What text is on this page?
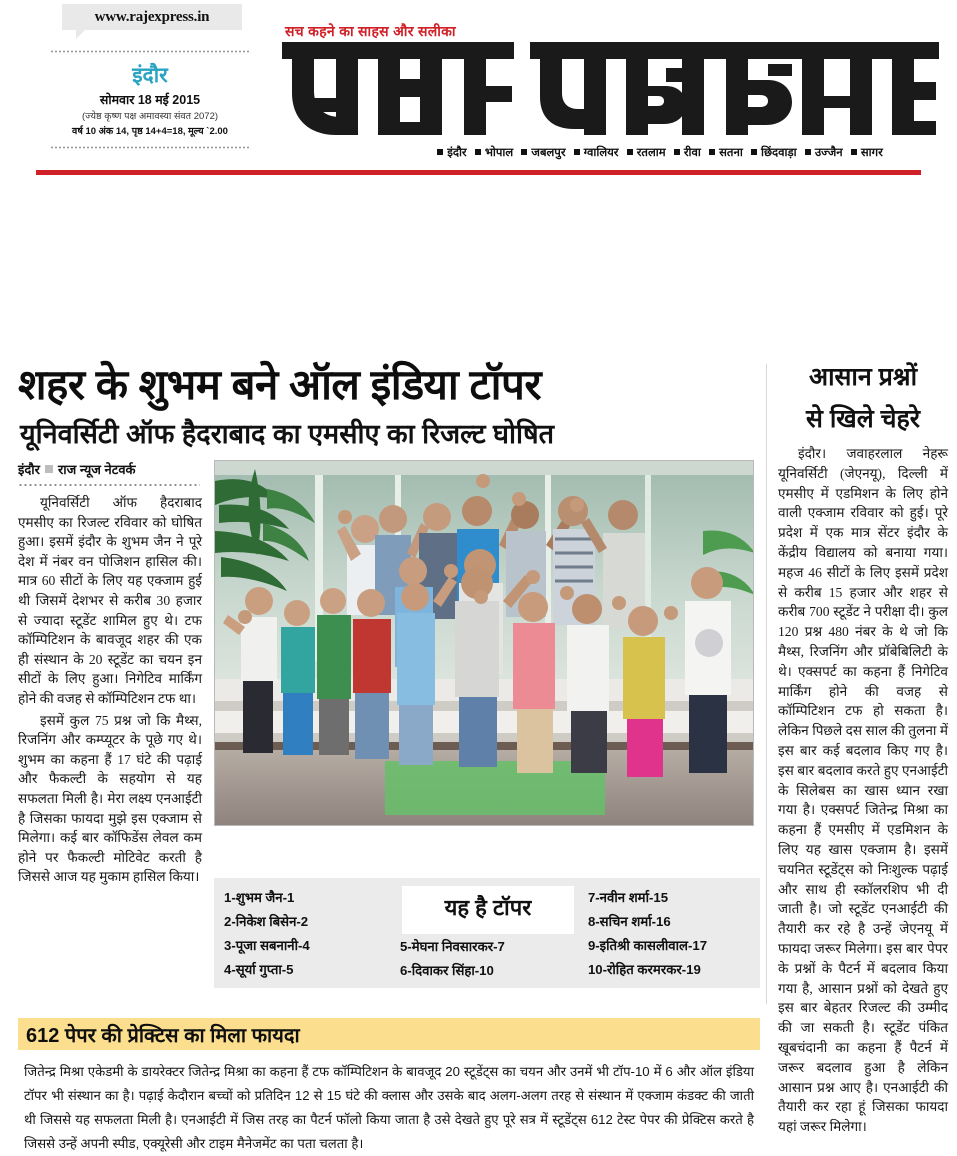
www.rajexpress.in
इंदौर
सोमवार 18 मई 2015
(ज्येष्ठ कृष्ण पक्ष अमावस्या संवत 2072)
वर्ष 10 अंक 14, पृष्ठ 14+4=18, मूल्य `2.00
सच कहने का साहस और सलीका
इंदौर भोपाल जबलपुर ग्वालियर रतलाम रीवा सतना छिंदवाड़ा उज्जैन सागर
शहर के शुभम बने ऑल इंडिया टॉपर
यूनिवर्सिटी ऑफ हैदराबाद का एमसीए का रिजल्ट घोषित
इंदौर राज न्यूज नेटवर्क

यूनिवर्सिटी ऑफ हैदराबाद एमसीए का रिजल्ट रविवार को घोषित हुआ। इसमें इंदौर के शुभम जैन ने पूरे देश में नंबर वन पोजिशन हासिल की। मात्र 60 सीटों के लिए यह एक्जाम हुई थी जिसमें देशभर से करीब 30 हजार से ज्यादा स्टूडेंट शामिल हुए थे। टफ कॉम्पिटिशन के बावजूद शहर की एक ही संस्थान के 20 स्टूडेंट का चयन इन सीटों के लिए हुआ। निगेटिव मार्किंग होने की वजह से कॉम्पिटिशन टफ था।

इसमें कुल 75 प्रश्न जो कि मैथ्स, रिजनिंग और कम्प्यूटर के पूछे गए थे। शुभम का कहना हैं 17 घंटे की पढ़ाई और फैकल्टी के सहयोग से यह सफलता मिली है। मेरा लक्ष्य एनआईटी है जिसका फायदा मुझे इस एक्जाम से मिलेगा। कई बार कॉफिडेंस लेवल कम होने पर फैकल्टी मोटिवेट करती है जिससे आज यह मुकाम हासिल किया।

1-शुभम जैन-1
2-निकेश बिसेन-2
3-पूजा सबनानी-4
4-सूर्या गुप्ता-5
यह है टॉपर
5-मेघना निवसारकर-7
6-दिवाकर सिंहा-10
7-नवीन शर्मा-15
8-सचिन शर्मा-16
9-इतिश्री कासलीवाल-17
10-रोहित करमरकर-19
612 पेपर की प्रेक्टिस का मिला फायदा

जितेन्द्र मिश्रा एकेडमी के डायरेक्टर जितेन्द्र मिश्रा का कहना हैं टफ कॉम्पिटिशन के बावजूद 20 स्टूडेंट्स का चयन और उनमें भी टॉप-10 में 6 और ऑल इंडिया टॉपर भी संस्थान का है। पढ़ाई केदौरान बच्चों को प्रतिदिन 12 से 15 घंटे की क्लास और उसके बाद अलग-अलग तरह से संस्थान में एक्जाम कंडक्ट की जाती थी जिससे यह सफलता मिली है। एनआईटी में जिस तरह का पैटर्न फॉलो किया जाता है उसे देखते हुए पूरे सत्र में स्टूडेंट्स 612 टेस्ट पेपर की प्रेक्टिस करते है जिससे उन्हें अपनी स्पीड, एक्यूरेसी और टाइम मैनेजमेंट का पता चलता है।

आसान प्रश्नों
से खिले चेहरे

इंदौर। जवाहरलाल नेहरू यूनिवर्सिटी (जेएनयू), दिल्ली में एमसीए में एडमिशन के लिए होने वाली एक्जाम रविवार को हुई। पूरे प्रदेश में एक मात्र सेंटर इंदौर के केंद्रीय विद्यालय को बनाया गया। महज 46 सीटों के लिए इसमें प्रदेश से करीब 15 हजार और शहर से करीब 700 स्टूडेंट ने परीक्षा दी। कुल 120 प्रश्न 480 नंबर के थे जो कि मैथ्स, रिजनिंग और प्रॉबेबिलिटी के थे। एक्सपर्ट का कहना हैं निगेटिव मार्किंग होने की वजह से कॉम्पिटिशन टफ हो सकता है। लेकिन पिछले दस साल की तुलना में इस बार कई बदलाव किए गए है। इस बार बदलाव करते हुए एनआईटी के सिलेबस का खास ध्यान रखा गया है। एक्सपर्ट जितेन्द्र मिश्रा का कहना हैं एमसीए में एडमिशन के लिए यह खास एक्जाम है। इसमें चयनित स्टूडेंट्स को निःशुल्क पढ़ाई और साथ ही स्कॉलरशिप भी दी जाती है। जो स्टूडेंट एनआईटी की तैयारी कर रहे है उन्हें जेएनयू में फायदा जरूर मिलेगा। इस बार पेपर के प्रश्नों के पैटर्न में बदलाव किया गया है, आसान प्रश्नों को देखते हुए इस बार बेहतर रिजल्ट की उम्मीद की जा सकती है। स्टूडेंट पंकित खूबचंदानी का कहना हैं पैटर्न में जरूर बदलाव हुआ है लेकिन आसान प्रश्न आए है। एनआईटी की तैयारी कर रहा हूं जिसका फायदा यहां जरूर मिलेगा।
